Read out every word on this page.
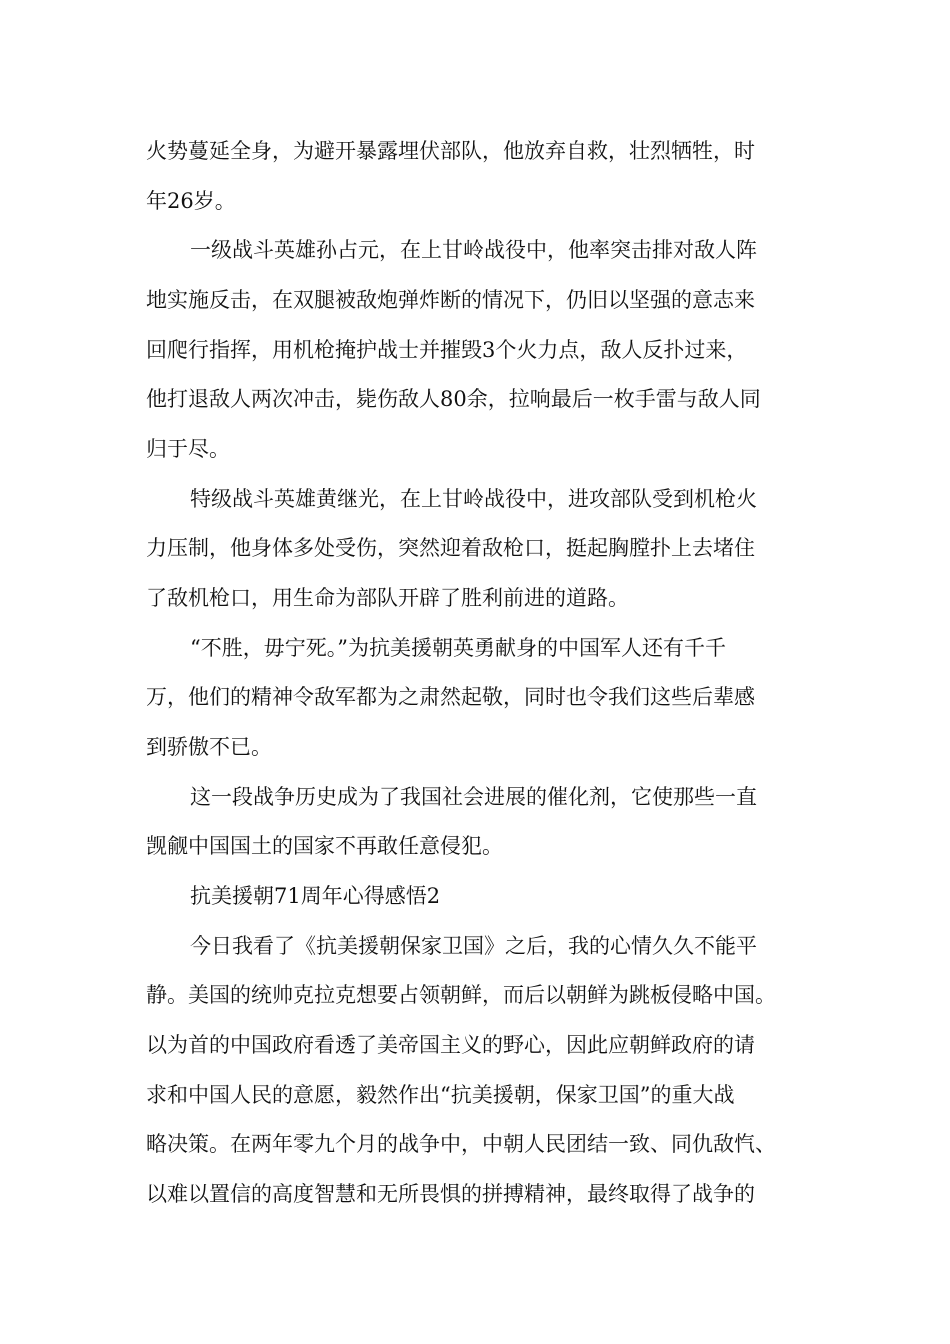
火势蔓延全身，为避开暴露埋伏部队，他放弃自救，壮烈牺牲，时
年26岁。
一级战斗英雄孙占元，在上甘岭战役中，他率突击排对敌人阵
地实施反击，在双腿被敌炮弹炸断的情况下，仍旧以坚强的意志来
回爬行指挥，用机枪掩护战士并摧毁3个火力点，敌人反扑过来，
他打退敌人两次冲击，毙伤敌人80余，拉响最后一枚手雷与敌人同
归于尽。
特级战斗英雄黄继光，在上甘岭战役中，进攻部队受到机枪火
力压制，他身体多处受伤，突然迎着敌枪口，挺起胸膛扑上去堵住
了敌机枪口，用生命为部队开辟了胜利前进的道路。
“不胜，毋宁死。”为抗美援朝英勇献身的中国军人还有千千
万，他们的精神令敌军都为之肃然起敬，同时也令我们这些后辈感
到骄傲不已。
这一段战争历史成为了我国社会进展的催化剂，它使那些一直
觊觎中国国土的国家不再敢任意侵犯。
抗美援朝71周年心得感悟2
今日我看了《抗美援朝保家卫国》之后，我的心情久久不能平
静。美国的统帅克拉克想要占领朝鲜，而后以朝鲜为跳板侵略中国。
以为首的中国政府看透了美帝国主义的野心，因此应朝鲜政府的请
求和中国人民的意愿，毅然作出“抗美援朝，保家卫国”的重大战
略决策。在两年零九个月的战争中，中朝人民团结一致、同仇敌忾、
以难以置信的高度智慧和无所畏惧的拼搏精神，最终取得了战争的
